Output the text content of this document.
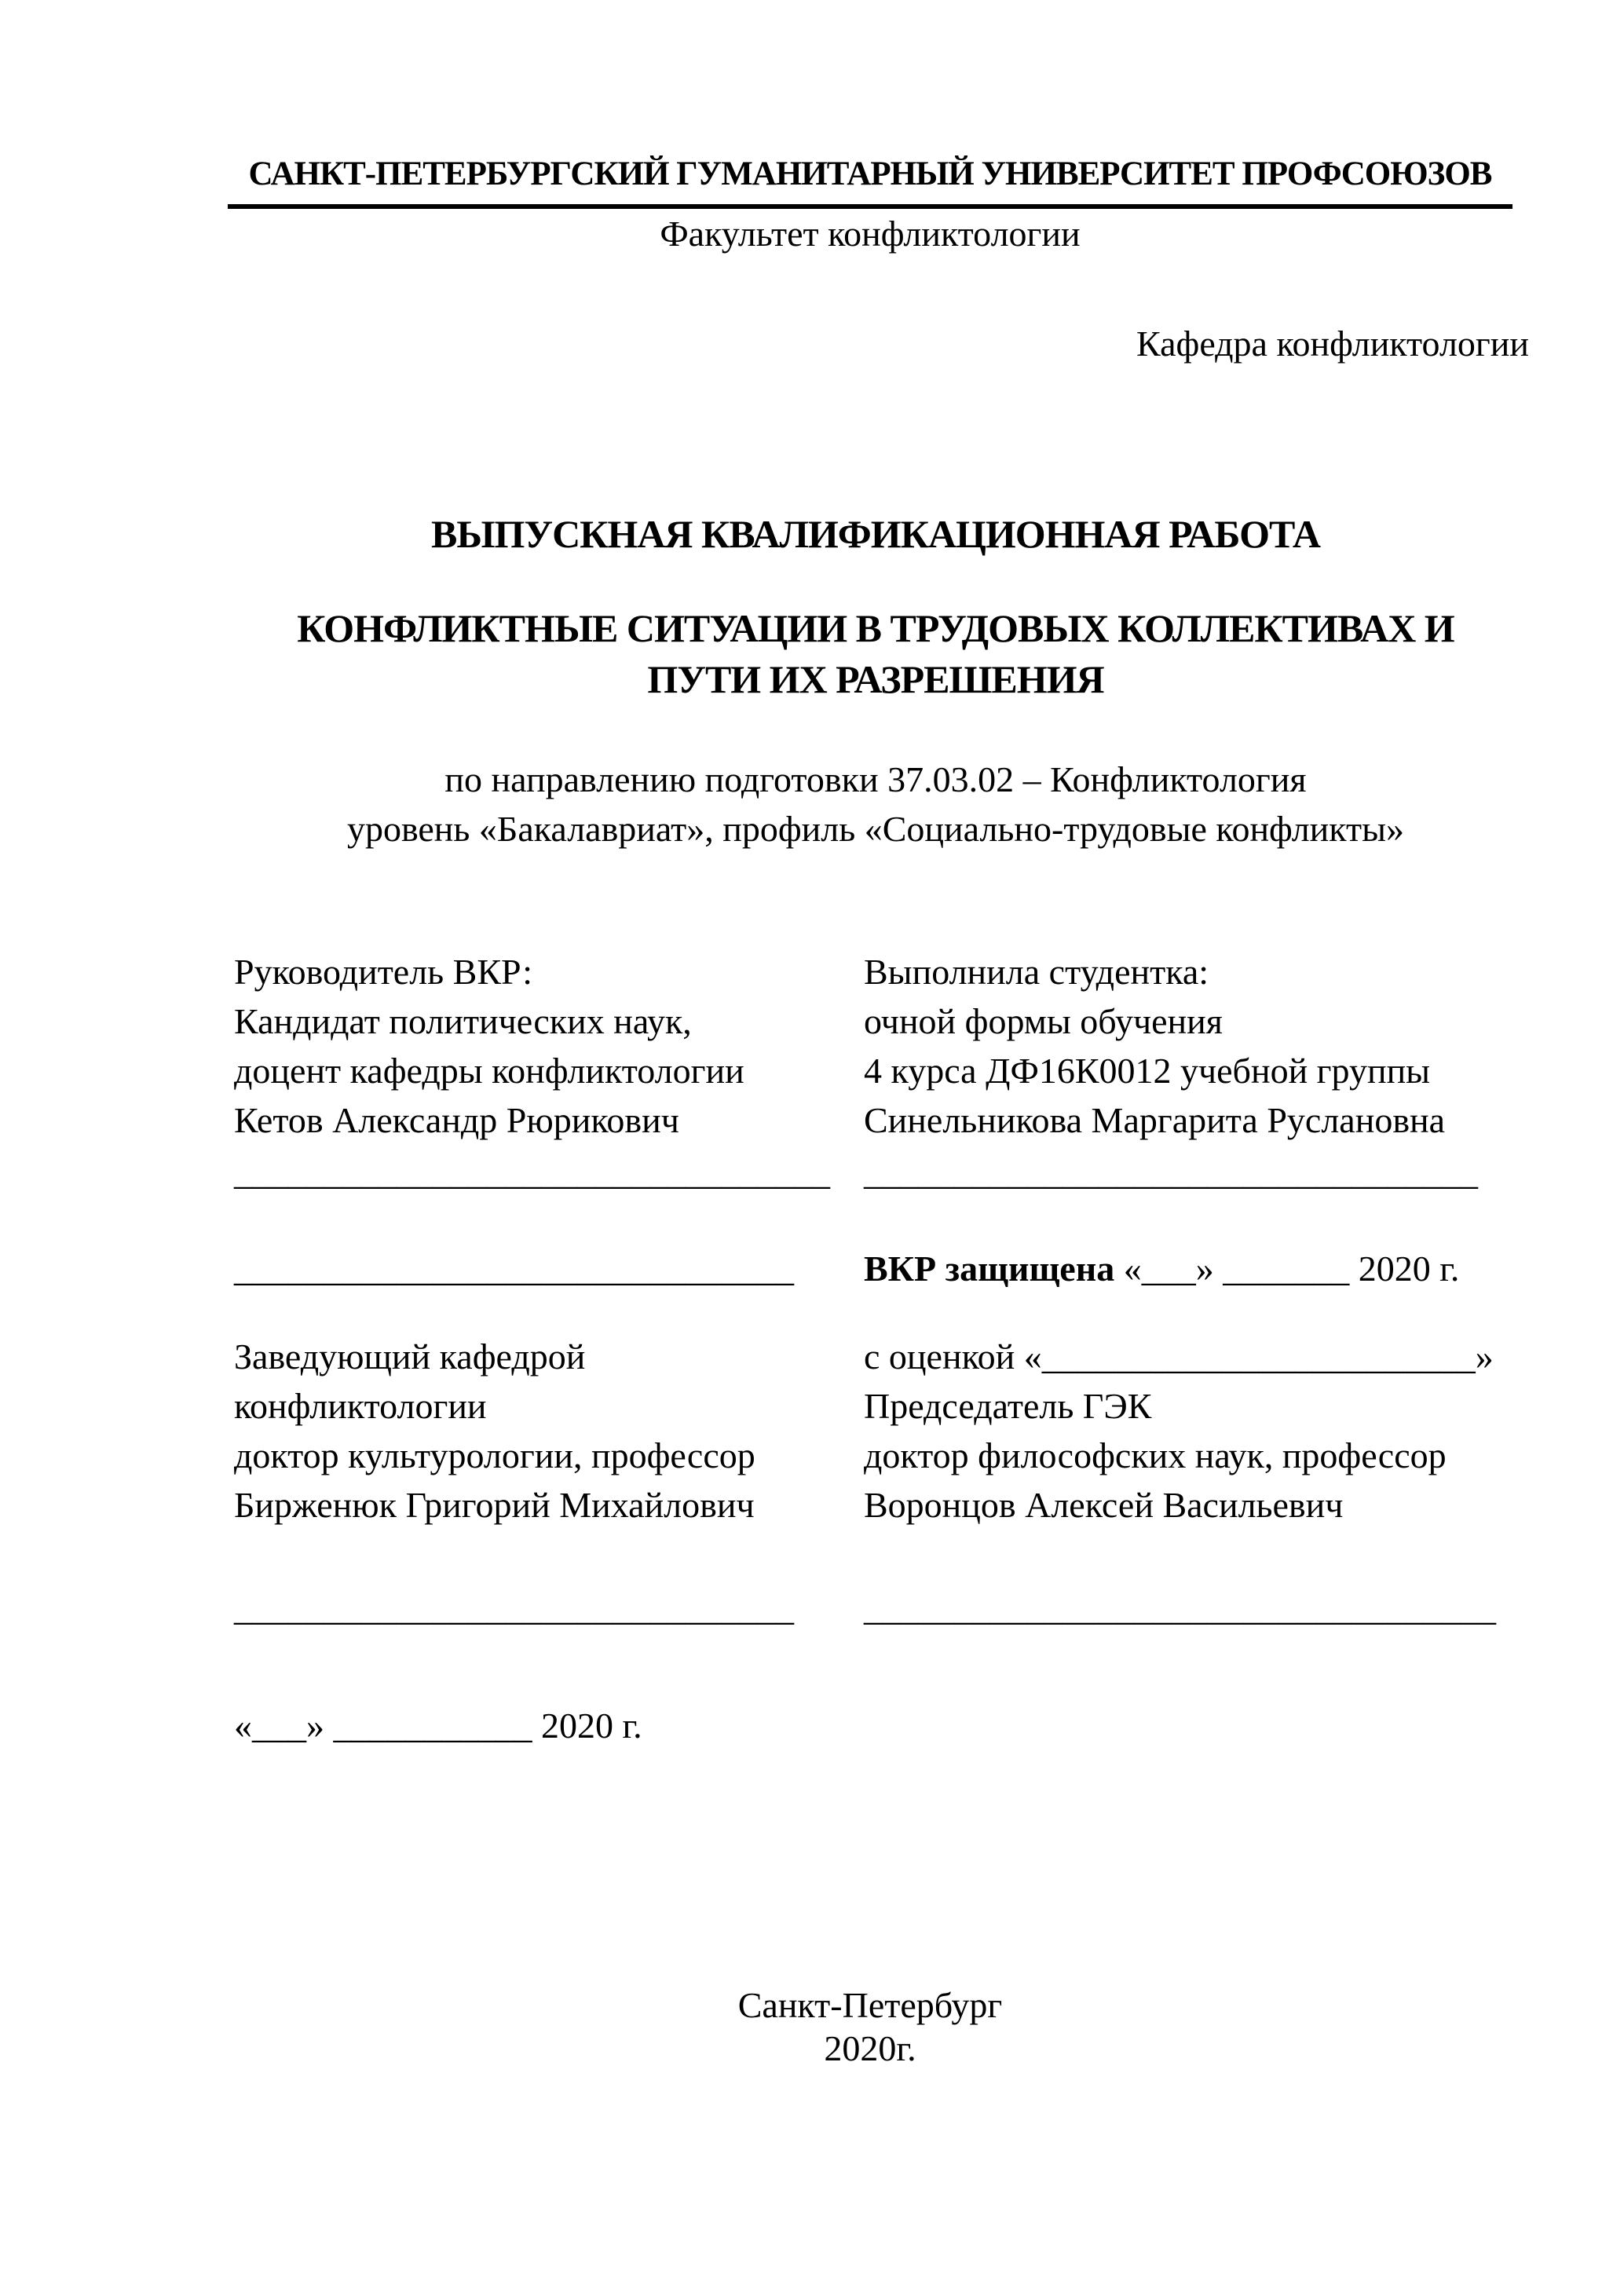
САНКТ-ПЕТЕРБУРГСКИЙ ГУМАНИТАРНЫЙ УНИВЕРСИТЕТ ПРОФСОЮЗОВ
Факультет конфликтологии
Кафедра конфликтологии
ВЫПУСКНАЯ КВАЛИФИКАЦИОННАЯ РАБОТА
КОНФЛИКТНЫЕ СИТУАЦИИ В ТРУДОВЫХ КОЛЛЕКТИВАХ И
ПУТИ ИХ РАЗРЕШЕНИЯ
по направлению подготовки 37.03.02 – Конфликтология
уровень «Бакалавриат», профиль «Социально-трудовые конфликты»
Руководитель ВКР:
Кандидат политических наук,
доцент кафедры конфликтологии
Кетов Александр Рюрикович
_________________________________
_______________________________
Заведующий кафедрой
конфликтологии
доктор культурологии, профессор
Бирженюк Григорий Михайлович
_______________________________
«___» ___________ 2020 г.
Выполнила студентка:
очной формы обучения
4 курса ДФ16К0012 учебной группы
Синельникова Маргарита Руслановна
__________________________________
ВКР защищена «___» _______ 2020 г.
с оценкой «________________________»
Председатель ГЭК
доктор философских наук, профессор
Воронцов Алексей Васильевич
___________________________________
Санкт-Петербург
2020г.
